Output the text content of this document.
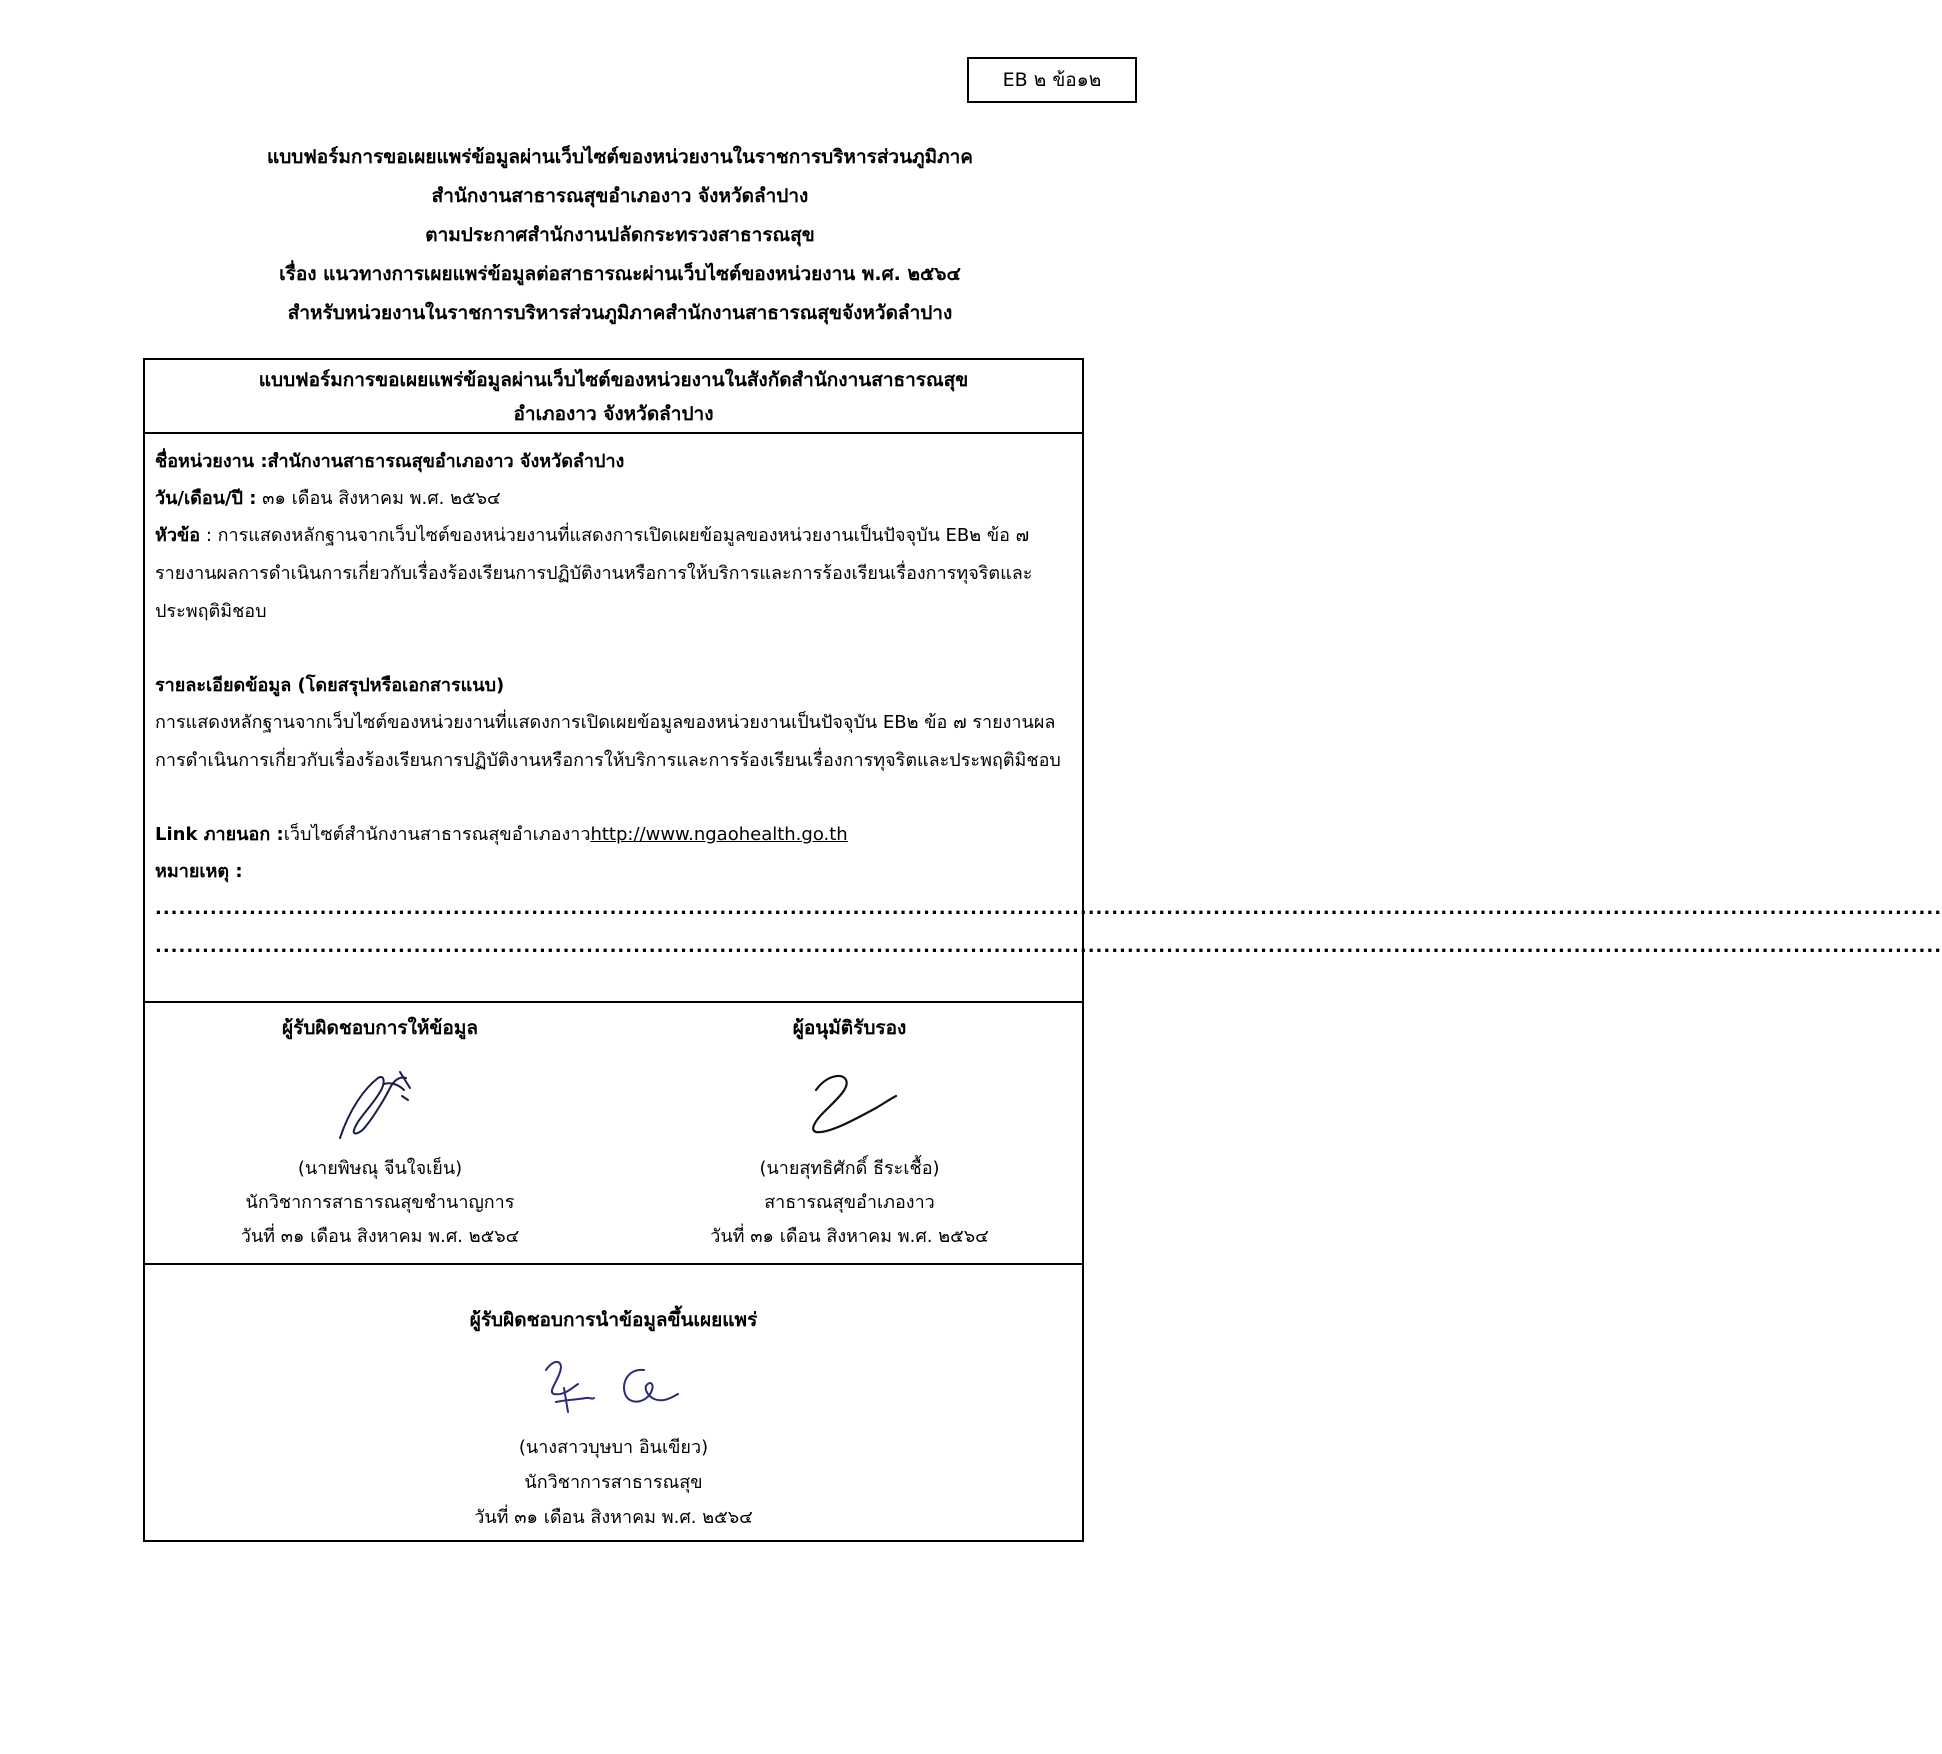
EB ๒ ข้อ๑๒
แบบฟอร์มการขอเผยแพร่ข้อมูลผ่านเว็บไซต์ของหน่วยงานในราชการบริหารส่วนภูมิภาค
สำนักงานสาธารณสุขอำเภองาว จังหวัดลำปาง
ตามประกาศสำนักงานปลัดกระทรวงสาธารณสุข
เรื่อง แนวทางการเผยแพร่ข้อมูลต่อสาธารณะผ่านเว็บไซต์ของหน่วยงาน พ.ศ. ๒๕๖๔
สำหรับหน่วยงานในราชการบริหารส่วนภูมิภาคสำนักงานสาธารณสุขจังหวัดลำปาง
แบบฟอร์มการขอเผยแพร่ข้อมูลผ่านเว็บไซต์ของหน่วยงานในสังกัดสำนักงานสาธารณสุข
อำเภองาว จังหวัดลำปาง
ชื่อหน่วยงาน :สำนักงานสาธารณสุขอำเภองาว จังหวัดลำปาง
วัน/เดือน/ปี : ๓๑ เดือน สิงหาคม พ.ศ. ๒๕๖๔
หัวข้อ : การแสดงหลักฐานจากเว็บไซต์ของหน่วยงานที่แสดงการเปิดเผยข้อมูลของหน่วยงานเป็นปัจจุบัน EB๒ ข้อ ๗ รายงานผลการดำเนินการเกี่ยวกับเรื่องร้องเรียนการปฏิบัติงานหรือการให้บริการและการร้องเรียนเรื่องการทุจริตและประพฤติมิชอบ
รายละเอียดข้อมูล (โดยสรุปหรือเอกสารแนบ)
การแสดงหลักฐานจากเว็บไซต์ของหน่วยงานที่แสดงการเปิดเผยข้อมูลของหน่วยงานเป็นปัจจุบัน EB๒ ข้อ ๗ รายงานผลการดำเนินการเกี่ยวกับเรื่องร้องเรียนการปฏิบัติงานหรือการให้บริการและการร้องเรียนเรื่องการทุจริตและประพฤติมิชอบ
Link ภายนอก :เว็บไซต์สำนักงานสาธารณสุขอำเภองาวhttp://www.ngaohealth.go.th
หมายเหตุ :
....................................................................................................................................................................................................................................
....................................................................................................................................................................................................................................
ผู้รับผิดชอบการให้ข้อมูล
(นายพิษณุ จีนใจเย็น)
นักวิชาการสาธารณสุขชำนาญการ
วันที่ ๓๑ เดือน สิงหาคม พ.ศ. ๒๕๖๔
ผู้อนุมัติรับรอง
(นายสุทธิศักดิ์ ธีระเชื้อ)
สาธารณสุขอำเภองาว
วันที่ ๓๑ เดือน สิงหาคม พ.ศ. ๒๕๖๔
ผู้รับผิดชอบการนำข้อมูลขึ้นเผยแพร่
(นางสาวบุษบา อินเขียว)
นักวิชาการสาธารณสุข
วันที่ ๓๑ เดือน สิงหาคม พ.ศ. ๒๕๖๔
